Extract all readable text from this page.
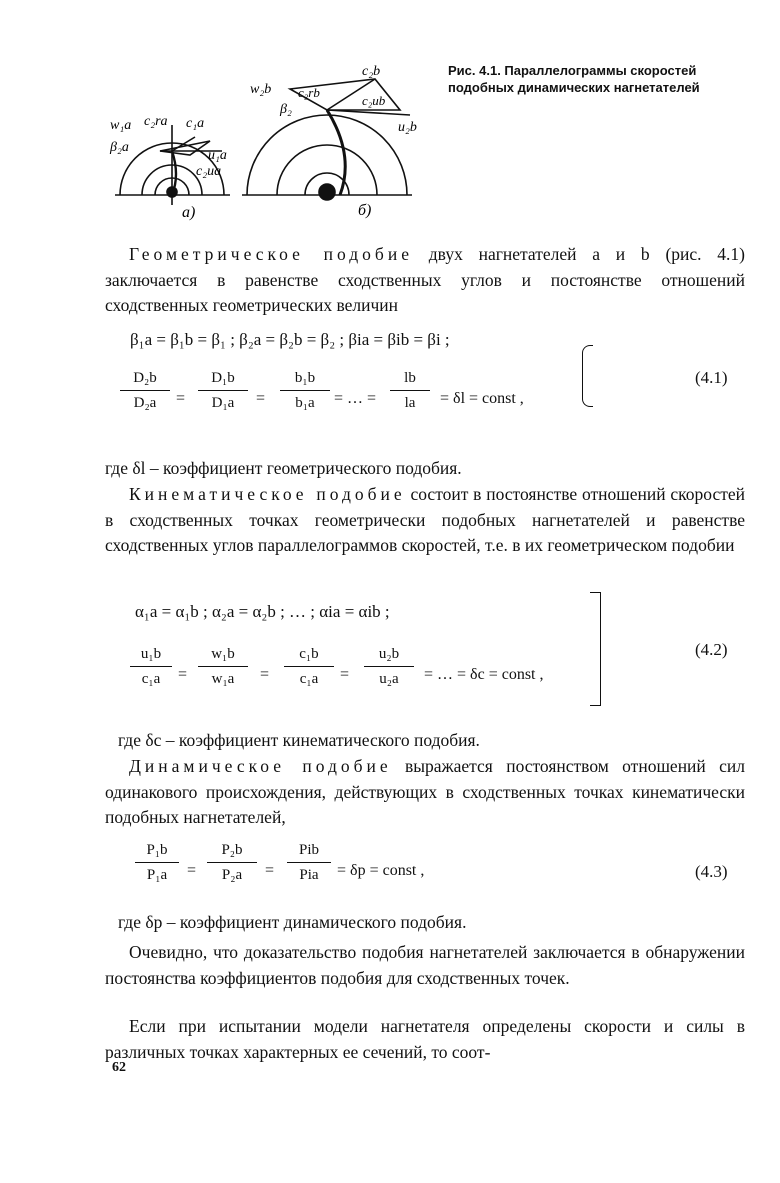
w₁a c₂ra c₁a
β₂a
u₁a
c₂ua
а)
c₂b
w₂b c₂rb
c₂ub
β₂
u₂b
б)
Рис. 4.1. Параллелограммы скоростей подобных динамических нагнетателей
Геометрическое подобие двух нагнетателей а и b (рис. 4.1) заключается в равенстве сходственных углов и постоянстве отношений сходственных геометрических величин
β₁a = β₁b = β₁ ; β₂a = β₂b = β₂ ; βia = βib = βi ;
D₂b
D₂a	=
D₁b
D₁a	=
b₁b
b₁a	= … =
lb
la	= δl = const ,
(4.1)
где δl – коэффициент геометрического подобия.
Кинематическое подобие состоит в постоянстве отношений скоростей в сходственных точках геометрически подобных нагнетателей и равенстве сходственных углов параллелограммов скоростей, т.е. в их геометрическом подобии
α₁a = α₁b ; α₂a = α₂b ; … ; αia = αib ;
u₁b
c₁a	=
w₁b
w₁a	=
c₁b
c₁a	=
u₂b
u₂a	= … = δc = const ,
(4.2)
где δc – коэффициент кинематического подобия.
Динамическое подобие выражается постоянством отношений сил одинакового происхождения, действующих в сходственных точках кинематически подобных нагнетателей,
P₁b
P₁a	=
P₂b
P₂a	=
Pib
Pia	= δp = const ,	(4.3)
где δp – коэффициент динамического подобия.
Очевидно, что доказательство подобия нагнетателей заключается в обнаружении постоянства коэффициентов подобия для сходственных точек.
Если при испытании модели нагнетателя определены скорости и силы в различных точках характерных ее сечений, то соот-
62
